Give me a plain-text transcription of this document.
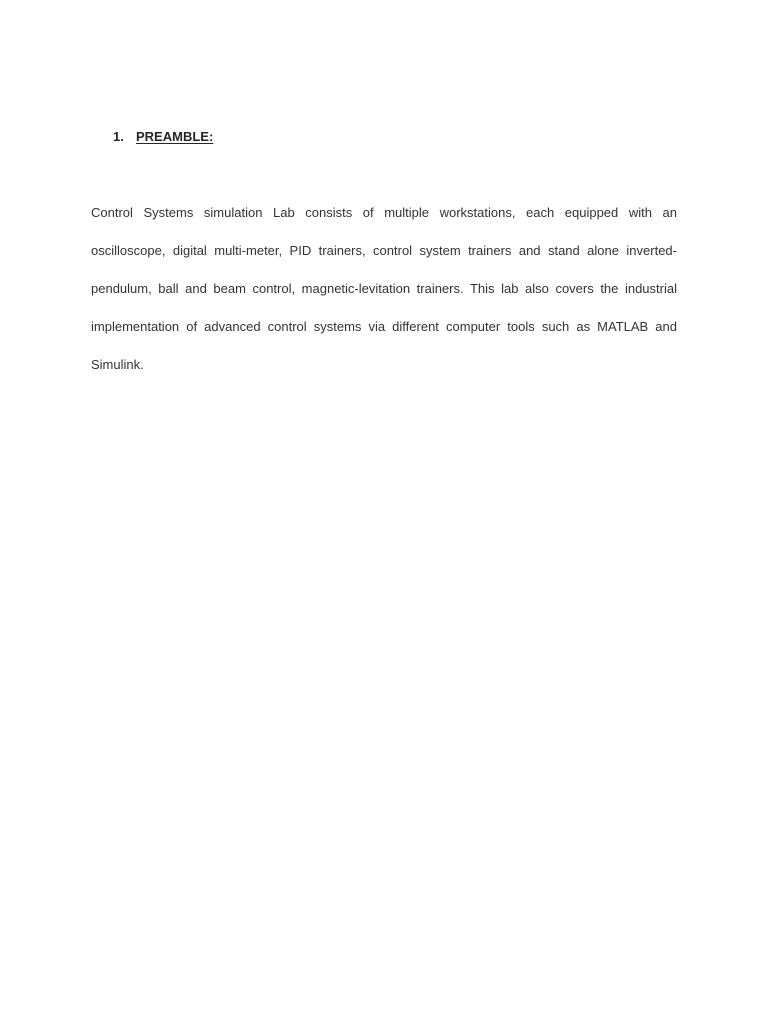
1. PREAMBLE:

Control Systems simulation Lab consists of multiple workstations, each equipped with an oscilloscope, digital multi-meter, PID trainers, control system trainers and stand alone inverted-pendulum, ball and beam control, magnetic-levitation trainers. This lab also covers the industrial implementation of advanced control systems via different computer tools such as MATLAB and Simulink.
